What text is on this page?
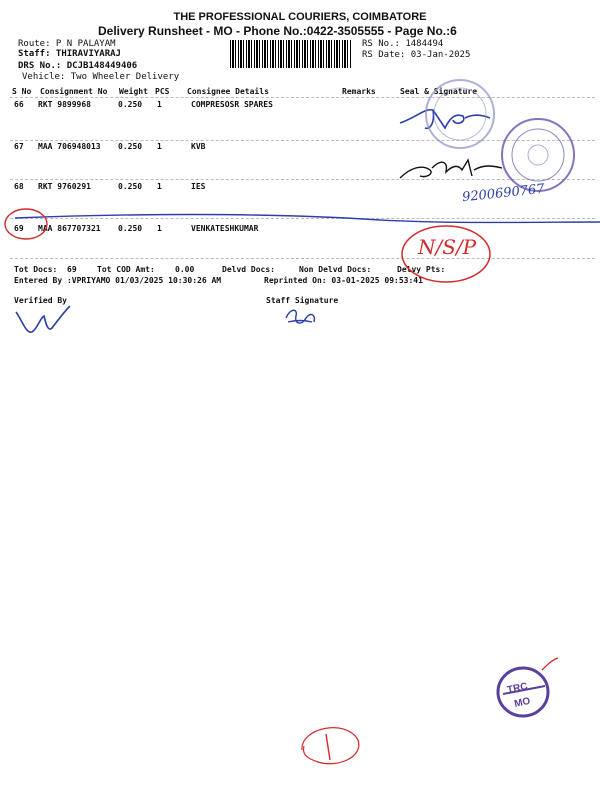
THE PROFESSIONAL COURIERS, COIMBATORE
Delivery Runsheet - MO - Phone No.:0422-3505555 - Page No.:6
Route: P N PALAYAM
Staff: THIRAVIYARAJ
DRS No.: DCJB148449406
Vehicle: Two Wheeler Delivery
RS No.: 1484494
RS Date: 03-Jan-2025
S No Consignment No Weight PCS Consignee Details	Remarks	Seal & Signature
66 RKT 9899968	0.250 1	COMPRESOSR SPARES
67 MAA 706948013 0.250 1	KVB
68 RKT 9760291	0.250 1	IES
69 MAA 867707321 0.250 1	VENKATESHKUMAR
Tot Docs: 69	Tot COD Amt:	0.00	Delvd Docs:	Non Delvd Docs:	Delvy Pts:
Entered By :VPRIYAMO 01/03/2025 10:30:26 AM	Reprinted On: 03-01-2025 09:53:41
Verified By	Staff Signature
9200690767
N/S/P
TRC
MO
